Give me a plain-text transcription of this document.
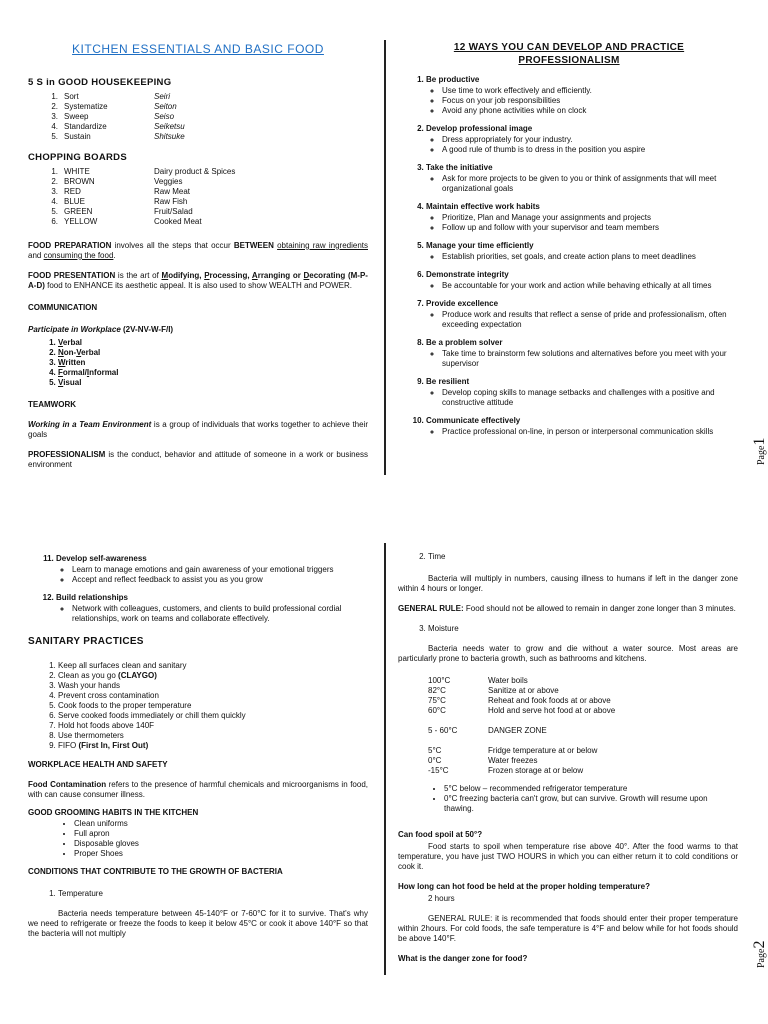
KITCHEN ESSENTIALS AND BASIC FOOD
5 S in GOOD HOUSEKEEPING
1.	Sort	Seiri
2.	Systematize	Seiton
3.	Sweep	Seiso
4.	Standardize	Seiketsu
5.	Sustain	Shitsuke
CHOPPING BOARDS
1.	WHITE	Dairy product & Spices
2.	BROWN	Veggies
3.	RED	Raw Meat
4.	BLUE	Raw Fish
5.	GREEN	Fruit/Salad
6.	YELLOW	Cooked Meat

FOOD PREPARATION involves all the steps that occur BETWEEN obtaining raw ingredients and consuming the food.

FOOD PRESENTATION is the art of Modifying, Processing, Arranging or Decorating (M-P-A-D) food to ENHANCE its aesthetic appeal. It is also used to show WEALTH and POWER.

COMMUNICATION
Participate in Workplace (2V-NV-W-F/I)
1. Verbal
2. Non-Verbal
3. Written
4. Formal/Informal
5. Visual
TEAMWORK

Working in a Team Environment is a group of individuals that works together to achieve their goals

PROFESSIONALISM is the conduct, behavior and attitude of someone in a work or business environment

12 WAYS YOU CAN DEVELOP AND PRACTICE
PROFESSIONALISM
1. Be productive
◦ Use time to work effectively and efficiently.
◦ Focus on your job responsibilities
◦ Avoid any phone activities while on clock
2. Develop professional image
◦ Dress appropriately for your industry.
◦ A good rule of thumb is to dress in the position you aspire
3. Take the initiative
◦ Ask for more projects to be given to you or think of assignments that will meet organizational goals
4. Maintain effective work habits
◦ Prioritize, Plan and Manage your assignments and projects
◦ Follow up and follow with your supervisor and team members
5. Manage your time efficiently
◦ Establish priorities, set goals, and create action plans to meet deadlines
6. Demonstrate integrity
◦ Be accountable for your work and action while behaving ethically at all times
7. Provide excellence
◦ Produce work and results that reflect a sense of pride and professionalism, often exceeding expectation
8. Be a problem solver
◦ Take time to brainstorm few solutions and alternatives before you meet with your supervisor
9. Be resilient
◦ Develop coping skills to manage setbacks and challenges with a positive and constructive attitude
10. Communicate effectively
◦ Practice professional on-line, in person or interpersonal communication skills
Page1
11. Develop self-awareness
◦ Learn to manage emotions and gain awareness of your emotional triggers
◦ Accept and reflect feedback to assist you as you grow
12. Build relationships
◦ Network with colleagues, customers, and clients to build professional cordial relationships, work on teams and collaborate effectively.
SANITARY PRACTICES
1. Keep all surfaces clean and sanitary
2. Clean as you go (CLAYGO)
3. Wash your hands
4. Prevent cross contamination
5. Cook foods to the proper temperature
6. Serve cooked foods immediately or chill them quickly
7. Hold hot foods above 140F
8. Use thermometers
9. FIFO (First In, First Out)
WORKPLACE HEALTH AND SAFETY

Food Contamination refers to the presence of harmful chemicals and microorganisms in food, with can cause consumer illness.

GOOD GROOMING HABITS IN THE KITCHEN
• Clean uniforms
• Full apron
• Disposable gloves
• Proper Shoes
CONDITIONS THAT CONTRIBUTE TO THE GROWTH OF BACTERIA
1. Temperature

Bacteria needs temperature between 45-140°F or 7-60°C for it to survive. That's why we need to refrigerate or freeze the foods to keep it below 45°C or cook it above 140°F so that the bacteria will not multiply

2. Time

Bacteria will multiply in numbers, causing illness to humans if left in the danger zone within 4 hours or longer.

GENERAL RULE: Food should not be allowed to remain in danger zone longer than 3 minutes.

3. Moisture

Bacteria needs water to grow and die without a water source. Most areas are particularly prone to bacteria growth, such as bathrooms and kitchens.

100°C	Water boils
82°C	Sanitize at or above
75°C	Reheat and fook foods at or above
60°C	Hold and serve hot food at or above
5 - 60°C	DANGER ZONE
5°C	Fridge temperature at or below
0°C	Water freezes
-15°C	Frozen storage at or below
• 5°C below – recommended refrigerator temperature
• 0°C freezing bacteria can't grow, but can survive. Growth will resume upon thawing.
Can food spoil at 50°?

Food starts to spoil when temperature rise above 40°. After the food warms to that temperature, you have just TWO HOURS in which you can either return it to cold conditions or cook it.

How long can hot food be held at the proper holding temperature?
2 hours

GENERAL RULE: it is recommended that foods should enter their proper temperature within 2hours. For cold foods, the safe temperature is 4°F and below while for hot foods should be above 140°F.

What is the danger zone for food?	Page2
